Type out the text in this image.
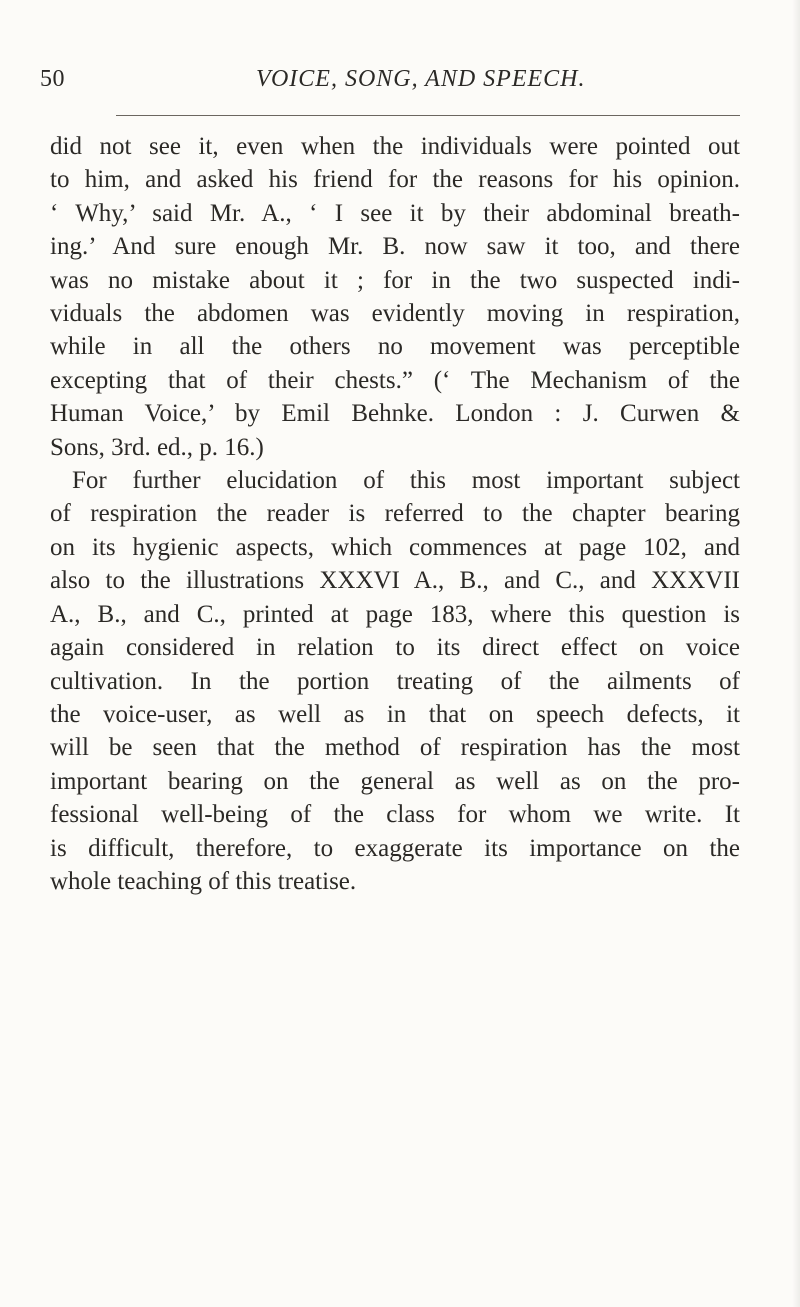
50	VOICE, SONG, AND SPEECH.

did not see it, even when the individuals were pointed out
to him, and asked his friend for the reasons for his opinion.
‘ Why,’ said Mr. A., ‘ I see it by their abdominal breath-
ing.’ And sure enough Mr. B. now saw it too, and there
was no mistake about it ; for in the two suspected indi-
viduals the abdomen was evidently moving in respiration,
while in all the others no movement was perceptible
excepting that of their chests.” (‘ The Mechanism of the
Human Voice,’ by Emil Behnke. London : J. Curwen &
Sons, 3rd. ed., p. 16.)

For further elucidation of this most important subject
of respiration the reader is referred to the chapter bearing
on its hygienic aspects, which commences at page 102, and
also to the illustrations XXXVI A., B., and C., and XXXVII
A., B., and C., printed at page 183, where this question is
again considered in relation to its direct effect on voice
cultivation. In the portion treating of the ailments of
the voice-user, as well as in that on speech defects, it
will be seen that the method of respiration has the most
important bearing on the general as well as on the pro-
fessional well-being of the class for whom we write. It
is difficult, therefore, to exaggerate its importance on the
whole teaching of this treatise.
